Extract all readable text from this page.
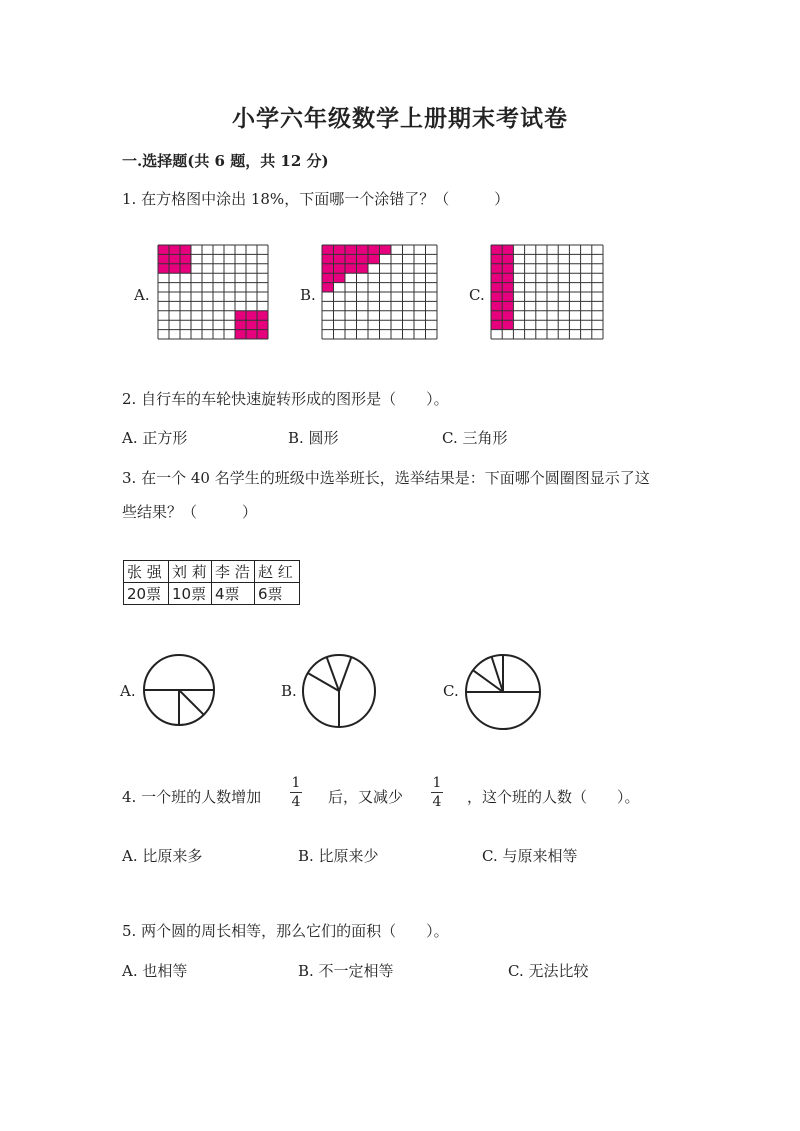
小学六年级数学上册期末考试卷
一.选择题(共 6 题，共 12 分)
1. 在方格图中涂出 18%，下面哪一个涂错了？（　　　）
A.	B.	C.
2. 自行车的车轮快速旋转形成的图形是（　　）。
A. 正方形	B. 圆形	C. 三角形
3. 在一个 40 名学生的班级中选举班长，选举结果是：下面哪个圆圈图显示了这
些结果？（　　　）
张 强	刘 莉	李 浩	赵 红
20票	10票	4票	6票
A.	B.	C.
4. 一个班的人数增加
1
4 后，又减少
1
4 ，这个班的人数（　　）。
A. 比原来多	B. 比原来少	C. 与原来相等
5. 两个圆的周长相等，那么它们的面积（　　）。
A. 也相等	B. 不一定相等	C. 无法比较
